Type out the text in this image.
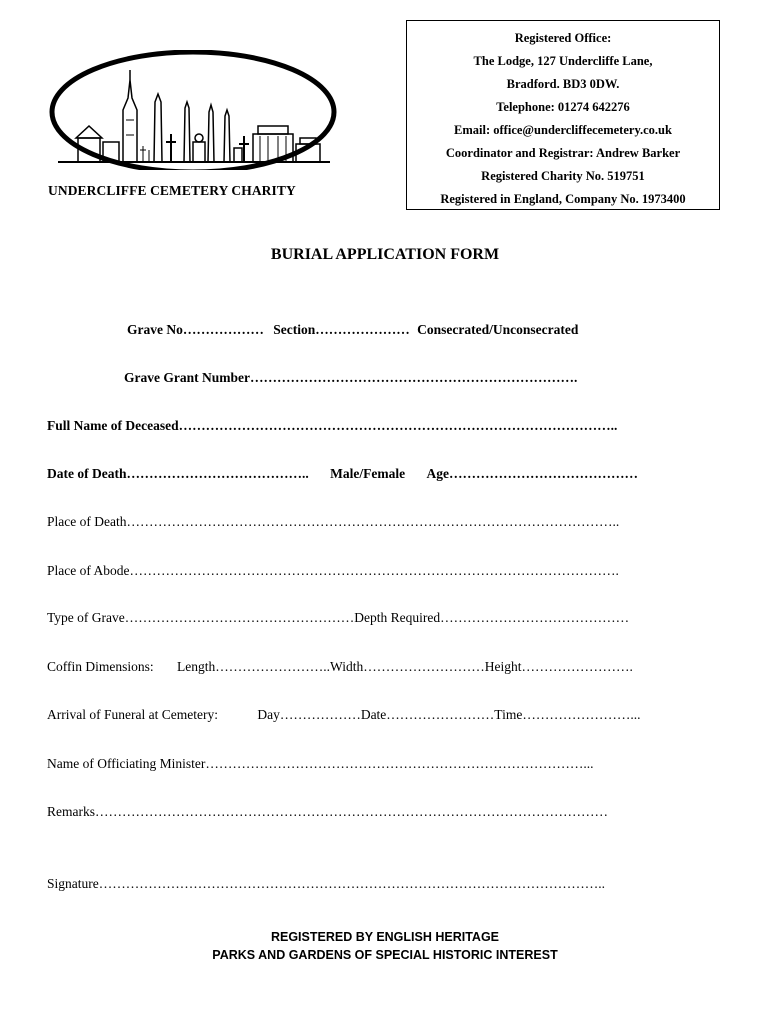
UNDERCLIFFE CEMETERY CHARITY
Registered Office:
The Lodge, 127 Undercliffe Lane,
Bradford. BD3 0DW.
Telephone: 01274 642276
Email: office@undercliffecemetery.co.uk
Coordinator and Registrar: Andrew Barker
Registered Charity No. 519751
Registered in England, Company No. 1973400
BURIAL APPLICATION FORM
Grave No……………… Section………………… Consecrated/Unconsecrated
Grave Grant Number……………………………………………………………….
Full Name of Deceased……………………………………………………………………………………..
Date of Death………………………………….. Male/Female Age……………………………………
Place of Death………………………………………………………………………………………………..
Place of Abode……………………………………………………………………………………………….
Type of Grave……………………………………………Depth Required……………………………………
Coffin Dimensions: Length……………………..Width………………………Height…………………….
Arrival of Funeral at Cemetery:	Day………………Date……………………Time……………………...
Name of Officiating Minister…………………………………………………………………………...
Remarks……………………………………………………………………………………………………
Signature…………………………………………………………………………………………………..
REGISTERED BY ENGLISH HERITAGE
PARKS AND GARDENS OF SPECIAL HISTORIC INTEREST
